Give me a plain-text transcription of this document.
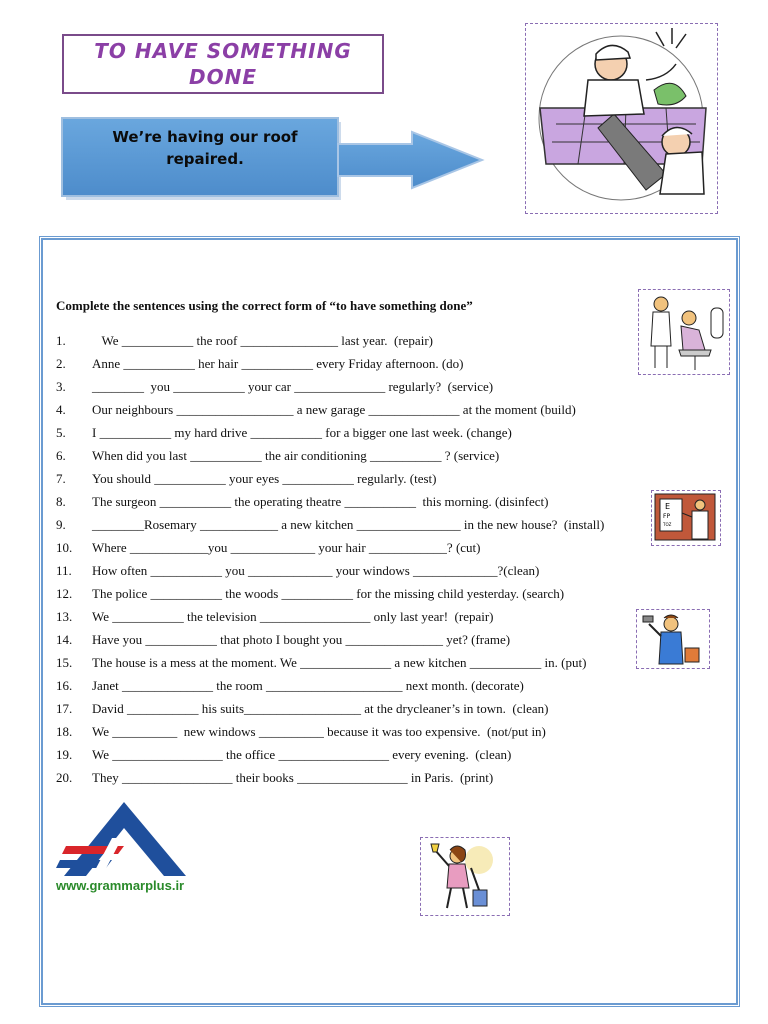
TO HAVE SOMETHING
DONE
We’re having our roof
repaired.
Complete the sentences using the correct form of “to have something done”
1.	We ___________ the roof _______________ last year.  (repair)
2.	Anne ___________ her hair ___________ every Friday afternoon. (do)
3.	________  you ___________ your car ______________ regularly?  (service)
4.	Our neighbours __________________ a new garage ______________ at the moment (build)
5.	I ___________ my hard drive ___________ for a bigger one last week. (change)
6.	When did you last ___________ the air conditioning ___________ ? (service)
7.	You should ___________ your eyes ___________ regularly. (test)
8.	The surgeon ___________ the operating theatre ___________  this morning. (disinfect)
9.	________Rosemary ____________ a new kitchen ________________ in the new house?  (install)
10.	Where ____________you _____________ your hair ____________? (cut)
11.	How often ___________ you _____________ your windows _____________?(clean)
12.	The police ___________ the woods ___________ for the missing child yesterday. (search)
13.	We ___________ the television _________________ only last year!  (repair)
14.	Have you ___________ that photo I bought you _______________ yet? (frame)
15.	The house is a mess at the moment. We ______________ a new kitchen ___________ in. (put)
16.	Janet ______________ the room _____________________ next month. (decorate)
17.	David ___________ his suits__________________ at the drycleaner’s in town.  (clean)
18.	We __________  new windows __________ because it was too expensive.  (not/put in)
19.	We _________________ the office _________________ every evening.  (clean)
20.	They _________________ their books _________________ in Paris.  (print)
E
FP
TOZ
www.grammarplus.ir
